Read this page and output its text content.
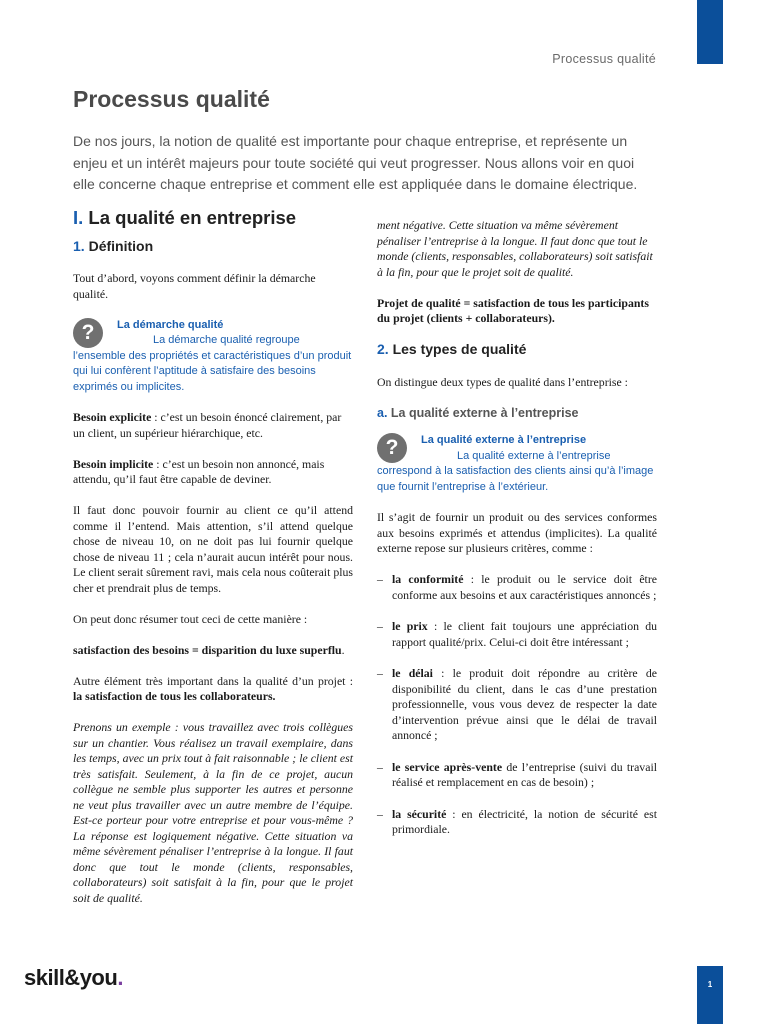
Processus qualité
Processus qualité

De nos jours, la notion de qualité est importante pour chaque entreprise, et représente un enjeu et un intérêt majeurs pour toute société qui veut progresser. Nous allons voir en quoi elle concerne chaque entreprise et comment elle est appliquée dans le domaine électrique.

I. La qualité en entreprise
1. Définition

Tout d’abord, voyons comment définir la démarche qualité.

?	La démarche qualité
La démarche qualité regroupe l’ensemble des propriétés et caractéristiques d’un produit qui lui confèrent l’aptitude à satisfaire des besoins exprimés ou implicites.

Besoin explicite : c’est un besoin énoncé clairement, par un client, un supérieur hiérarchique, etc.

Besoin implicite : c’est un besoin non annoncé, mais attendu, qu’il faut être capable de deviner.

Il faut donc pouvoir fournir au client ce qu’il attend comme il l’entend. Mais attention, s’il attend quelque chose de niveau 10, on ne doit pas lui fournir quelque chose de niveau 11 ; cela n’aurait aucun intérêt pour nous. Le client serait sûrement ravi, mais cela nous coûterait plus cher et prendrait plus de temps.

On peut donc résumer tout ceci de cette manière :

satisfaction des besoins = disparition du luxe superflu.

Autre élément très important dans la qualité d’un projet : la satisfaction de tous les collaborateurs.

Prenons un exemple : vous travaillez avec trois collègues sur un chantier. Vous réalisez un travail exemplaire, dans les temps, avec un prix tout à fait raisonnable ; le client est très satisfait. Seulement, à la fin de ce projet, aucun collègue ne semble plus supporter les autres et personne ne veut plus travailler avec un autre membre de l’équipe. Est-ce porteur pour votre entreprise et pour vous-même ? La réponse est logiquement négative. Cette situation va même sévèrement pénaliser l’entreprise à la longue. Il faut donc que tout le monde (clients, responsables, collaborateurs) soit satisfait à la fin, pour que le projet soit de qualité.

ment négative. Cette situation va même sévèrement pénaliser l’entreprise à la longue. Il faut donc que tout le monde (clients, responsables, collaborateurs) soit satisfait à la fin, pour que le projet soit de qualité.

Projet de qualité = satisfaction de tous les participants du projet (clients + collaborateurs).

2. Les types de qualité

On distingue deux types de qualité dans l’entreprise :

a. La qualité externe à l’entreprise
?	La qualité externe à l’entreprise
La qualité externe à l’entreprise correspond à la satisfaction des clients ainsi qu’à l’image que fournit l’entreprise à l’extérieur.

Il s’agit de fournir un produit ou des services conformes aux besoins exprimés et attendus (implicites). La qualité externe repose sur plusieurs critères, comme :

– la conformité : le produit ou le service doit être conforme aux besoins et aux caractéristiques annoncés ;
– le prix : le client fait toujours une appréciation du rapport qualité/prix. Celui-ci doit être intéressant ;
– le délai : le produit doit répondre au critère de disponibilité du client, dans le cas d’une prestation professionnelle, vous vous devez de respecter la date d’intervention prévue ainsi que le délai de travail annoncé ;
– le service après-vente de l’entreprise (suivi du travail réalisé et remplacement en cas de besoin) ;
– la sécurité : en électricité, la notion de sécurité est primordiale.
skill&you.	1
